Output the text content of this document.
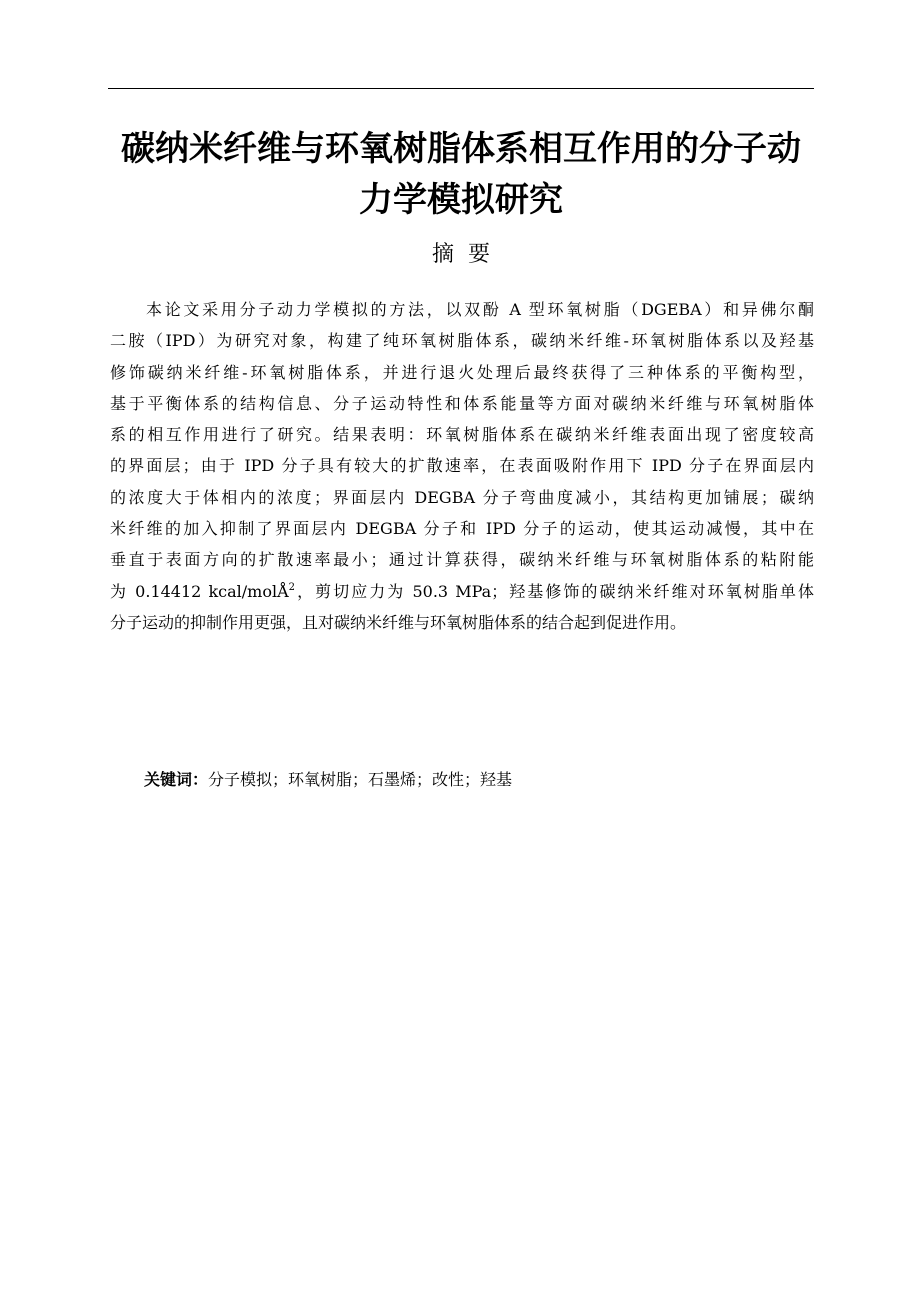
碳纳米纤维与环氧树脂体系相互作用的分子动
力学模拟研究
摘要
本论文采用分子动力学模拟的方法，以双酚 A 型环氧树脂（DGEBA）和异佛尔酮
二胺（IPD）为研究对象，构建了纯环氧树脂体系，碳纳米纤维-环氧树脂体系以及羟基
修饰碳纳米纤维-环氧树脂体系，并进行退火处理后最终获得了三种体系的平衡构型，
基于平衡体系的结构信息、分子运动特性和体系能量等方面对碳纳米纤维与环氧树脂体
系的相互作用进行了研究。结果表明：环氧树脂体系在碳纳米纤维表面出现了密度较高
的界面层；由于 IPD 分子具有较大的扩散速率，在表面吸附作用下 IPD 分子在界面层内
的浓度大于体相内的浓度；界面层内 DEGBA 分子弯曲度减小，其结构更加铺展；碳纳
米纤维的加入抑制了界面层内 DEGBA 分子和 IPD 分子的运动，使其运动减慢，其中在
垂直于表面方向的扩散速率最小；通过计算获得，碳纳米纤维与环氧树脂体系的粘附能
为 0.14412 kcal/molÅ$^2$，剪切应力为 50.3 MPa；羟基修饰的碳纳米纤维对环氧树脂单体
分子运动的抑制作用更强，且对碳纳米纤维与环氧树脂体系的结合起到促进作用。
关键词：分子模拟；环氧树脂；石墨烯；改性；羟基
